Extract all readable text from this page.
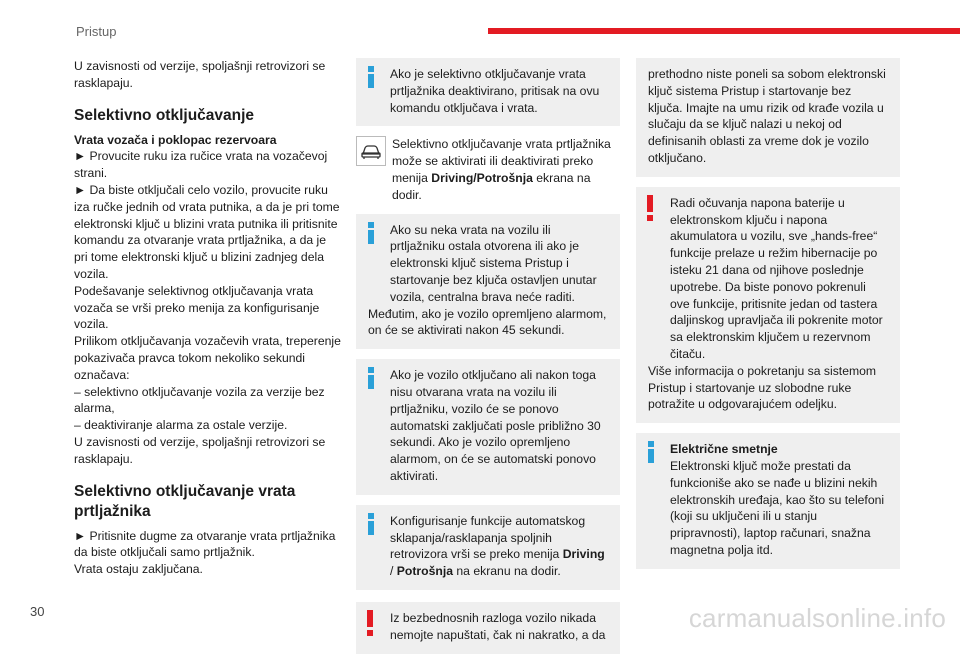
Pristup

U zavisnosti od verzije, spoljašnji retrovizori se rasklapaju.

Selektivno otključavanje

Vrata vozača i poklopac rezervoara

► Provucite ruku iza ručice vrata na vozačevoj strani.

► Da biste otključali celo vozilo, provucite ruku iza ručke jednih od vrata putnika, a da je pri tome elektronski ključ u blizini vrata putnika ili pritisnite komandu za otvaranje vrata prtljažnika, a da je pri tome elektronski ključ u blizini zadnjeg dela vozila.

Podešavanje selektivnog otključavanja vrata vozača se vrši preko menija za konfigurisanje vozila.

Prilikom otključavanja vozačevih vrata, treperenje pokazivača pravca tokom nekoliko sekundi označava:

– selektivno otključavanje vozila za verzije bez alarma,

– deaktiviranje alarma za ostale verzije.

U zavisnosti od verzije, spoljašnji retrovizori se rasklapaju.

Selektivno otključavanje vrata prtljažnika

► Pritisnite dugme za otvaranje vrata prtljažnika da biste otključali samo prtljažnik.

Vrata ostaju zaključana.

Ako je selektivno otključavanje vrata prtljažnika deaktivirano, pritisak na ovu komandu otključava i vrata.

Selektivno otključavanje vrata prtljažnika može se aktivirati ili deaktivirati preko menija Driving/Potrošnja ekrana na dodir.

Ako su neka vrata na vozilu ili prtljažniku ostala otvorena ili ako je elektronski ključ sistema Pristup i startovanje bez ključa ostavljen unutar vozila, centralna brava neće raditi.

Međutim, ako je vozilo opremljeno alarmom, on će se aktivirati nakon 45 sekundi.

Ako je vozilo otključano ali nakon toga nisu otvarana vrata na vozilu ili prtljažniku, vozilo će se ponovo automatski zaključati posle približno 30 sekundi. Ako je vozilo opremljeno alarmom, on će se automatski ponovo aktivirati.

Konfigurisanje funkcije automatskog sklapanja/rasklapanja spoljnih retrovizora vrši se preko menija Driving / Potrošnja na ekranu na dodir.

Iz bezbednosnih razloga vozilo nikada nemojte napuštati, čak ni nakratko, a da

prethodno niste poneli sa sobom elektronski ključ sistema Pristup i startovanje bez ključa. Imajte na umu rizik od krađe vozila u slučaju da se ključ nalazi u nekoj od definisanih oblasti za vreme dok je vozilo otključano.

Radi očuvanja napona baterije u elektronskom ključu i napona akumulatora u vozilu, sve „hands-free“ funkcije prelaze u režim hibernacije po isteku 21 dana od njihove poslednje upotrebe. Da biste ponovo pokrenuli ove funkcije, pritisnite jedan od tastera daljinskog upravljača ili pokrenite motor sa elektronskim ključem u rezervnom čitaču.

Više informacija o pokretanju sa sistemom Pristup i startovanje uz slobodne ruke potražite u odgovarajućem odeljku.

Električne smetnje

Elektronski ključ može prestati da funkcioniše ako se nađe u blizini nekih elektronskih uređaja, kao što su telefoni (koji su uključeni ili u stanju pripravnosti), laptop računari, snažna magnetna polja itd.

30	carmanualsonline.info
